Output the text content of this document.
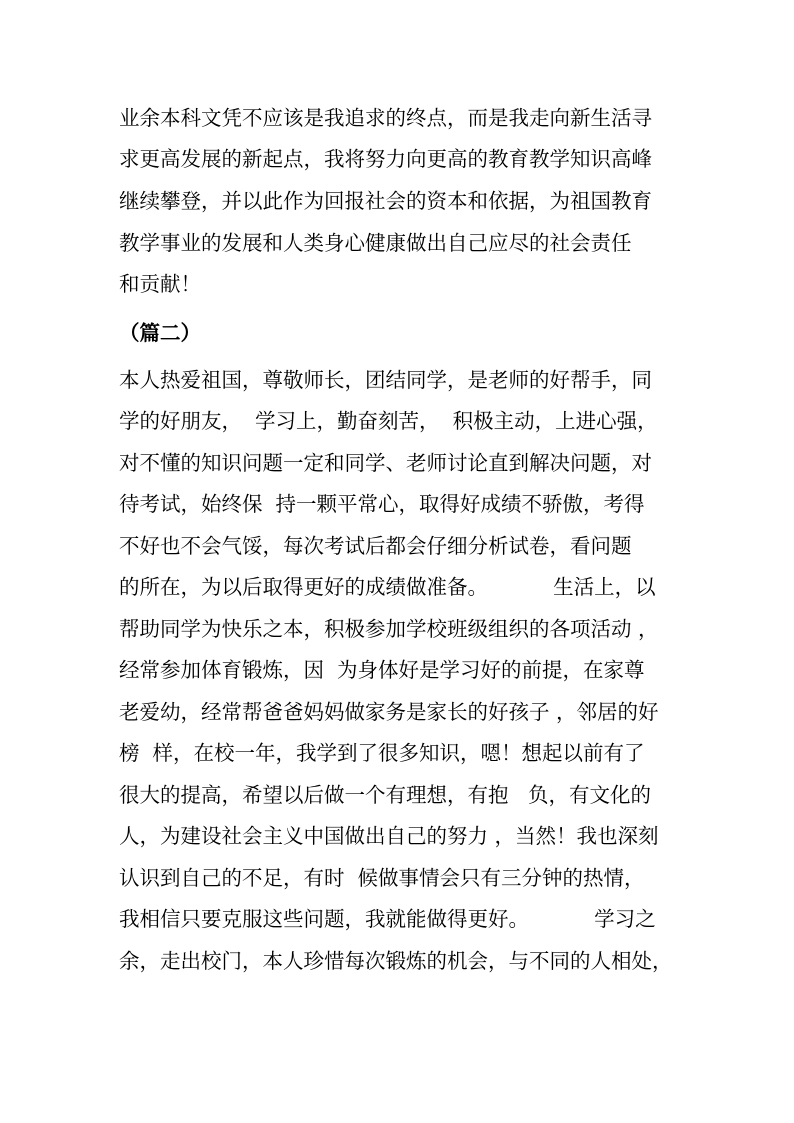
业余本科文凭不应该是我追求的终点，而是我走向新生活寻
求更高发展的新起点，我将努力向更高的教育教学知识高峰
继续攀登，并以此作为回报社会的资本和依据，为祖国教育
教学事业的发展和人类身心健康做出自己应尽的社会责任
和贡献！
（篇二）
本人热爱祖国，尊敬师长，团结同学，是老师的好帮手，同
学的好朋友，  学习上，勤奋刻苦，  积极主动，上进心强，
对不懂的知识问题一定和同学、老师讨论直到解决问题，对
待考试，始终保  持一颗平常心，取得好成绩不骄傲，考得
不好也不会气馁，每次考试后都会仔细分析试卷，看问题
的所在，为以后取得更好的成绩做准备。          生活上，以
帮助同学为快乐之本，积极参加学校班级组织的各项活动 ，
经常参加体育锻炼，因  为身体好是学习好的前提，在家尊
老爱幼，经常帮爸爸妈妈做家务是家长的好孩子 ，邻居的好
榜  样，在校一年，我学到了很多知识，嗯！想起以前有了
很大的提高，希望以后做一个有理想，有抱   负，有文化的
人，为建设社会主义中国做出自己的努力 ，当然！我也深刻
认识到自己的不足，有时  候做事情会只有三分钟的热情，
我相信只要克服这些问题，我就能做得更好。          学习之
余，走出校门，本人珍惜每次锻炼的机会，与不同的人相处，
